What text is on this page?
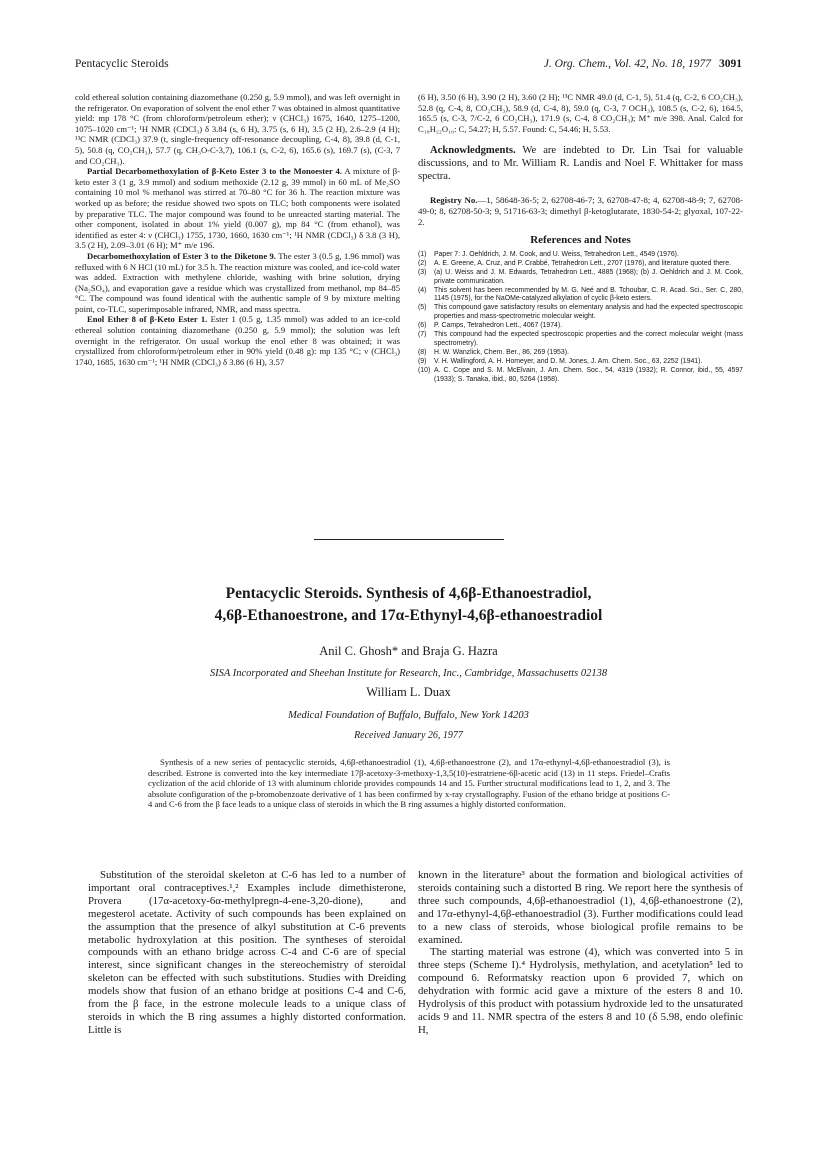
Pentacyclic Steroids	J. Org. Chem., Vol. 42, No. 18, 1977 3091

cold ethereal solution containing diazomethane (0.250 g, 5.9 mmol), and was left overnight in the refrigerator. On evaporation of solvent the enol ether 7 was obtained in almost quantitative yield: mp 178 °C (from chloroform/petroleum ether); ν (CHCl₃) 1675, 1640, 1275–1200, 1075–1020 cm⁻¹; ¹H NMR (CDCl₃) δ 3.84 (s, 6 H), 3.75 (s, 6 H), 3.5 (2 H), 2.6–2.9 (4 H); ¹³C NMR (CDCl₃) 37.9 (t, single-frequency off-resonance decoupling, C-4, 8), 39.8 (d, C-1, 5), 50.8 (q, CO₂CH₃), 57.7 (q, CH₃O-C-3,7), 106.1 (s, C-2, 6), 165.6 (s), 169.7 (s), (C-3, 7 and CO₂CH₃).

Partial Decarbomethoxylation of β-Keto Ester 3 to the Monoester 4. A mixture of β-keto ester 3 (1 g, 3.9 mmol) and sodium methoxide (2.12 g, 39 mmol) in 60 mL of Me₂SO containing 10 mol % methanol was stirred at 70–80 °C for 36 h. The reaction mixture was worked up as before; the residue showed two spots on TLC; both components were isolated by preparative TLC. The major compound was found to be unreacted starting material. The other component, isolated in about 1% yield (0.007 g), mp 84 °C (from ethanol), was identified as ester 4: ν (CHCl₃) 1755, 1730, 1660, 1630 cm⁻¹; ¹H NMR (CDCl₃) δ 3.8 (3 H), 3.5 (2 H), 2.09–3.01 (6 H); M⁺ m/e 196.

Decarbomethoxylation of Ester 3 to the Diketone 9. The ester 3 (0.5 g, 1.96 mmol) was refluxed with 6 N HCl (10 mL) for 3.5 h. The reaction mixture was cooled, and ice-cold water was added. Extraction with methylene chloride, washing with brine solution, drying (Na₂SO₄), and evaporation gave a residue which was crystallized from methanol, mp 84–85 °C. The compound was found identical with the authentic sample of 9 by mixture melting point, co-TLC, superimposable infrared, NMR, and mass spectra.

Enol Ether 8 of β-Keto Ester 1. Ester 1 (0.5 g, 1.35 mmol) was added to an ice-cold ethereal solution containing diazomethane (0.250 g, 5.9 mmol); the solution was left overnight in the refrigerator. On usual workup the enol ether 8 was obtained; it was crystallized from chloroform/petroleum ether in 90% yield (0.48 g): mp 135 °C; ν (CHCl₃) 1740, 1685, 1630 cm⁻¹; ¹H NMR (CDCl₃) δ 3.86 (6 H), 3.57

(6 H), 3.50 (6 H), 3.90 (2 H), 3.60 (2 H); ¹³C NMR 49.0 (d, C-1, 5), 51.4 (q, C-2, 6 CO₂CH₃), 52.8 (q, C-4, 8, CO₂CH₃), 58.9 (d, C-4, 8), 59.0 (q, C-3, 7 OCH₃), 108.5 (s, C-2, 6), 164.5, 165.5 (s, C-3, 7/C-2, 6 CO₂CH₃), 171.9 (s, C-4, 8 CO₂CH₃); M⁺ m/e 398. Anal. Calcd for C₁₈H₂₂O₁₀: C, 54.27; H, 5.57. Found: C, 54.46; H, 5.53.

Acknowledgments. We are indebted to Dr. Lin Tsai for valuable discussions, and to Mr. William R. Landis and Noel F. Whittaker for mass spectra.

Registry No.—1, 58648-36-5; 2, 62708-46-7; 3, 62708-47-8; 4, 62708-48-9; 7, 62708-49-0; 8, 62708-50-3; 9, 51716-63-3; dimethyl β-ketoglutarate, 1830-54-2; glyoxal, 107-22-2.

References and Notes
(1)	Paper 7: J. Oehldrich, J. M. Cook, and U. Weiss, Tetrahedron Lett., 4549 (1976).
(2)	A. E. Greene, A. Cruz, and P. Crabbé, Tetrahedron Lett., 2707 (1976), and literature quoted there.
(3)	(a) U. Weiss and J. M. Edwards, Tetrahedron Lett., 4885 (1968); (b) J. Oehldrich and J. M. Cook, private communication.
(4)	This solvent has been recommended by M. G. Neé and B. Tchoubar, C. R. Acad. Sci., Ser. C, 280, 1145 (1975), for the NaOMe-catalyzed alkylation of cyclic β-keto esters.
(5)	This compound gave satisfactory results on elementary analysis and had the expected spectroscopic properties and mass-spectrometric molecular weight.
(6)	P. Camps, Tetrahedron Lett., 4067 (1974).
(7)	This compound had the expected spectroscopic properties and the correct molecular weight (mass spectrometry).
(8)	H. W. Wanzlick, Chem. Ber., 86, 269 (1953).
(9)	V. H. Wallingford, A. H. Homeyer, and D. M. Jones, J. Am. Chem. Soc., 63, 2252 (1941).
(10) A. C. Cope and S. M. McElvain, J. Am. Chem. Soc., 54, 4319 (1932); R. Connor, ibid., 55, 4597 (1933); S. Tanaka, ibid., 80, 5264 (1958).
Pentacyclic Steroids. Synthesis of 4,6β-Ethanoestradiol,
4,6β-Ethanoestrone, and 17α-Ethynyl-4,6β-ethanoestradiol
Anil C. Ghosh* and Braja G. Hazra
SISA Incorporated and Sheehan Institute for Research, Inc., Cambridge, Massachusetts 02138
William L. Duax
Medical Foundation of Buffalo, Buffalo, New York 14203
Received January 26, 1977
Synthesis of a new series of pentacyclic steroids, 4,6β-ethanoestradiol (1), 4,6β-ethanoestrone (2), and 17α-ethynyl-4,6β-ethanoestradiol (3), is described. Estrone is converted into the key intermediate 17β-acetoxy-3-methoxy-1,3,5(10)-estratriene-6β-acetic acid (13) in 11 steps. Friedel–Crafts cyclization of the acid chloride of 13 with aluminum chloride provides compounds 14 and 15. Further structural modifications lead to 1, 2, and 3. The absolute configuration of the p-bromobenzoate derivative of 1 has been confirmed by x-ray crystallography. Fusion of the ethano bridge at positions C-4 and C-6 from the β face leads to a unique class of steroids in which the B ring assumes a highly distorted conformation.
Substitution of the steroidal skeleton at C-6 has led to a number of important oral contraceptives.¹,² Examples include dimethisterone, Provera (17α-acetoxy-6α-methylpregn-4-ene-3,20-dione), and megesterol acetate. Activity of such compounds has been explained on the assumption that the presence of alkyl substitution at C-6 prevents metabolic hydroxylation at this position. The syntheses of steroidal compounds with an ethano bridge across C-4 and C-6 are of special interest, since significant changes in the stereochemistry of steroidal skeleton can be effected with such substitutions. Studies with Dreiding models show that fusion of an ethano bridge at positions C-4 and C-6, from the β face, in the estrone molecule leads to a unique class of steroids in which the B ring assumes a highly distorted conformation. Little is

known in the literature³ about the formation and biological activities of steroids containing such a distorted B ring. We report here the synthesis of three such compounds, 4,6β-ethanoestradiol (1), 4,6β-ethanoestrone (2), and 17α-ethynyl-4,6β-ethanoestradiol (3). Further modifications could lead to a new class of steroids, whose biological profile remains to be examined.

The starting material was estrone (4), which was converted into 5 in three steps (Scheme I).⁴ Hydrolysis, methylation, and acetylation⁵ led to compound 6. Reformatsky reaction upon 6 provided 7, which on dehydration with formic acid gave a mixture of the esters 8 and 10. Hydrolysis of this product with potassium hydroxide led to the unsaturated acids 9 and 11. NMR spectra of the esters 8 and 10 (δ 5.98, endo olefinic H,
